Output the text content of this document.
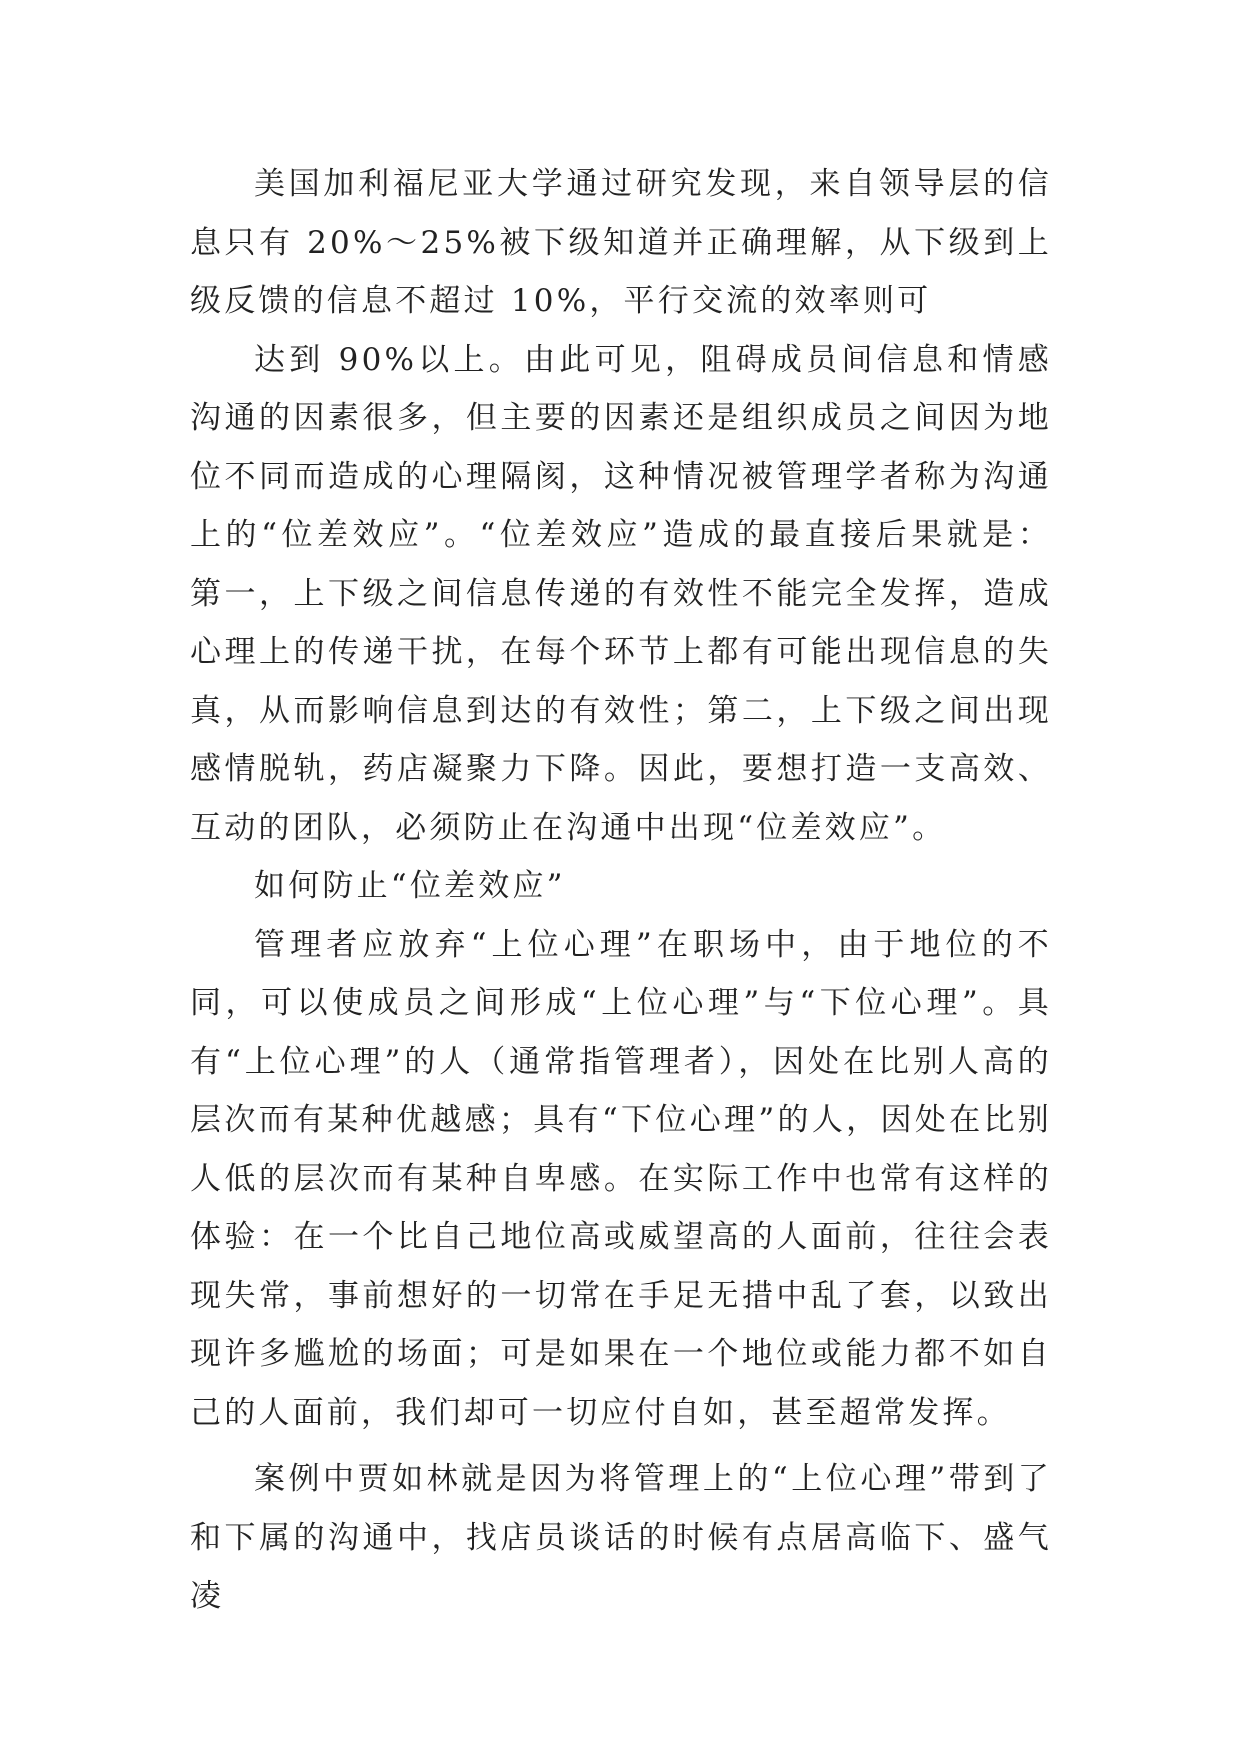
美国加利福尼亚大学通过研究发现，来自领导层的信息只有 20%～25%被下级知道并正确理解，从下级到上级反馈的信息不超过 10%，平行交流的效率则可

达到 90%以上。由此可见，阻碍成员间信息和情感沟通的因素很多，但主要的因素还是组织成员之间因为地位不同而造成的心理隔阂，这种情况被管理学者称为沟通上的“位差效应”。“位差效应”造成的最直接后果就是：第一，上下级之间信息传递的有效性不能完全发挥，造成心理上的传递干扰，在每个环节上都有可能出现信息的失真，从而影响信息到达的有效性；第二，上下级之间出现感情脱轨，药店凝聚力下降。因此，要想打造一支高效、互动的团队，必须防止在沟通中出现“位差效应”。

如何防止“位差效应”

管理者应放弃“上位心理”在职场中，由于地位的不同，可以使成员之间形成“上位心理”与“下位心理”。具有“上位心理”的人（通常指管理者），因处在比别人高的层次而有某种优越感；具有“下位心理”的人，因处在比别人低的层次而有某种自卑感。在实际工作中也常有这样的体验：在一个比自己地位高或威望高的人面前，往往会表现失常，事前想好的一切常在手足无措中乱了套，以致出现许多尴尬的场面；可是如果在一个地位或能力都不如自己的人面前，我们却可一切应付自如，甚至超常发挥。

案例中贾如林就是因为将管理上的“上位心理”带到了和下属的沟通中，找店员谈话的时候有点居高临下、盛气凌
